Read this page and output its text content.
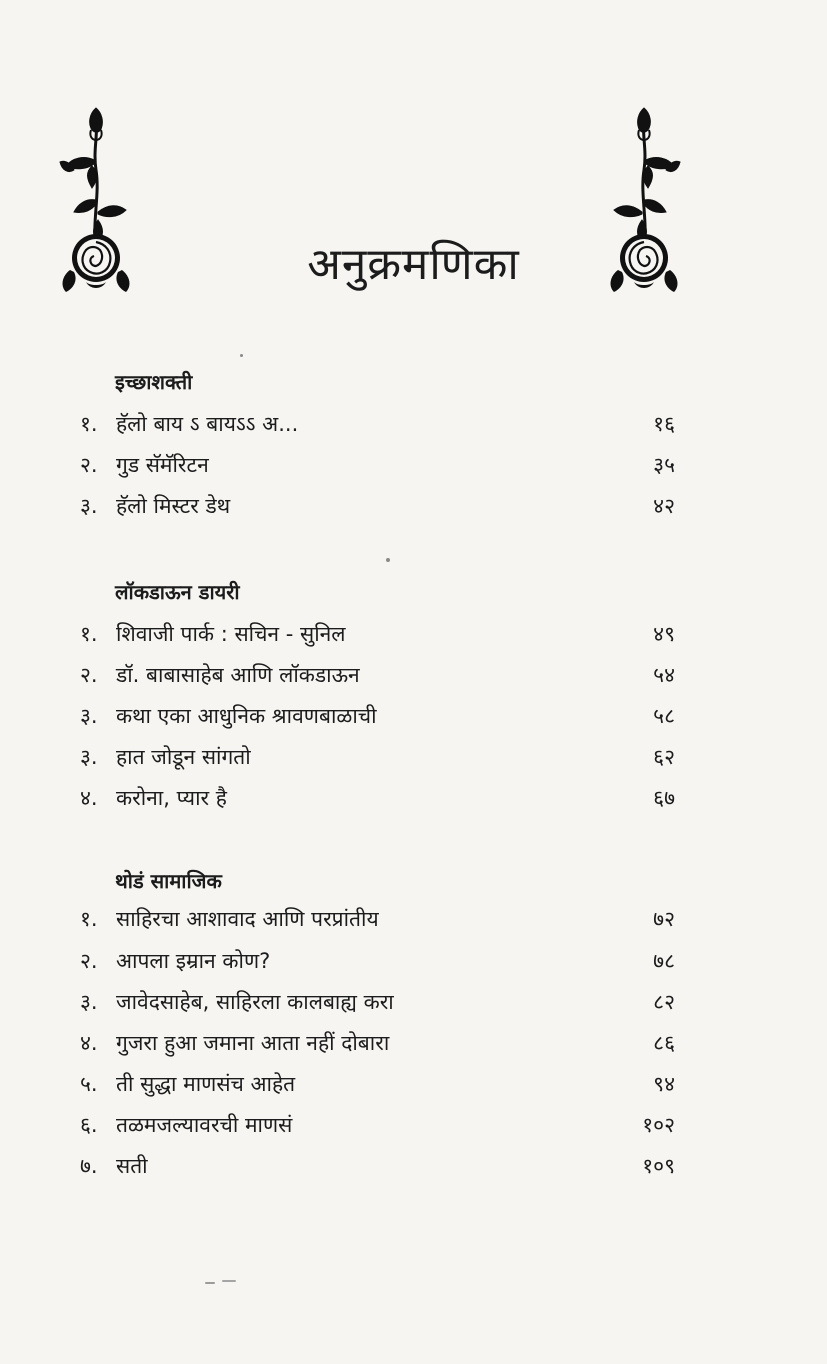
अनुक्रमणिका
इच्छाशक्ती
१. हॅलो बाय ऽ बायऽऽ अ...	१६
२. गुड सॅमॅरिटन	३५
३. हॅलो मिस्टर डेथ	४२
लॉकडाऊन डायरी
१. शिवाजी पार्क : सचिन - सुनिल	४९
२. डॉ. बाबासाहेब आणि लॉकडाऊन	५४
३. कथा एका आधुनिक श्रावणबाळाची	५८
३. हात जोडून सांगतो	६२
४. करोना, प्यार है	६७
थोडं सामाजिक
१. साहिरचा आशावाद आणि परप्रांतीय	७२
२. आपला इम्रान कोण?	७८
३. जावेदसाहेब, साहिरला कालबाह्य करा	८२
४. गुजरा हुआ जमाना आता नहीं दोबारा	८६
५. ती सुद्धा माणसंच आहेत	९४
६. तळमजल्यावरची माणसं	१०२
७. सती	१०९
